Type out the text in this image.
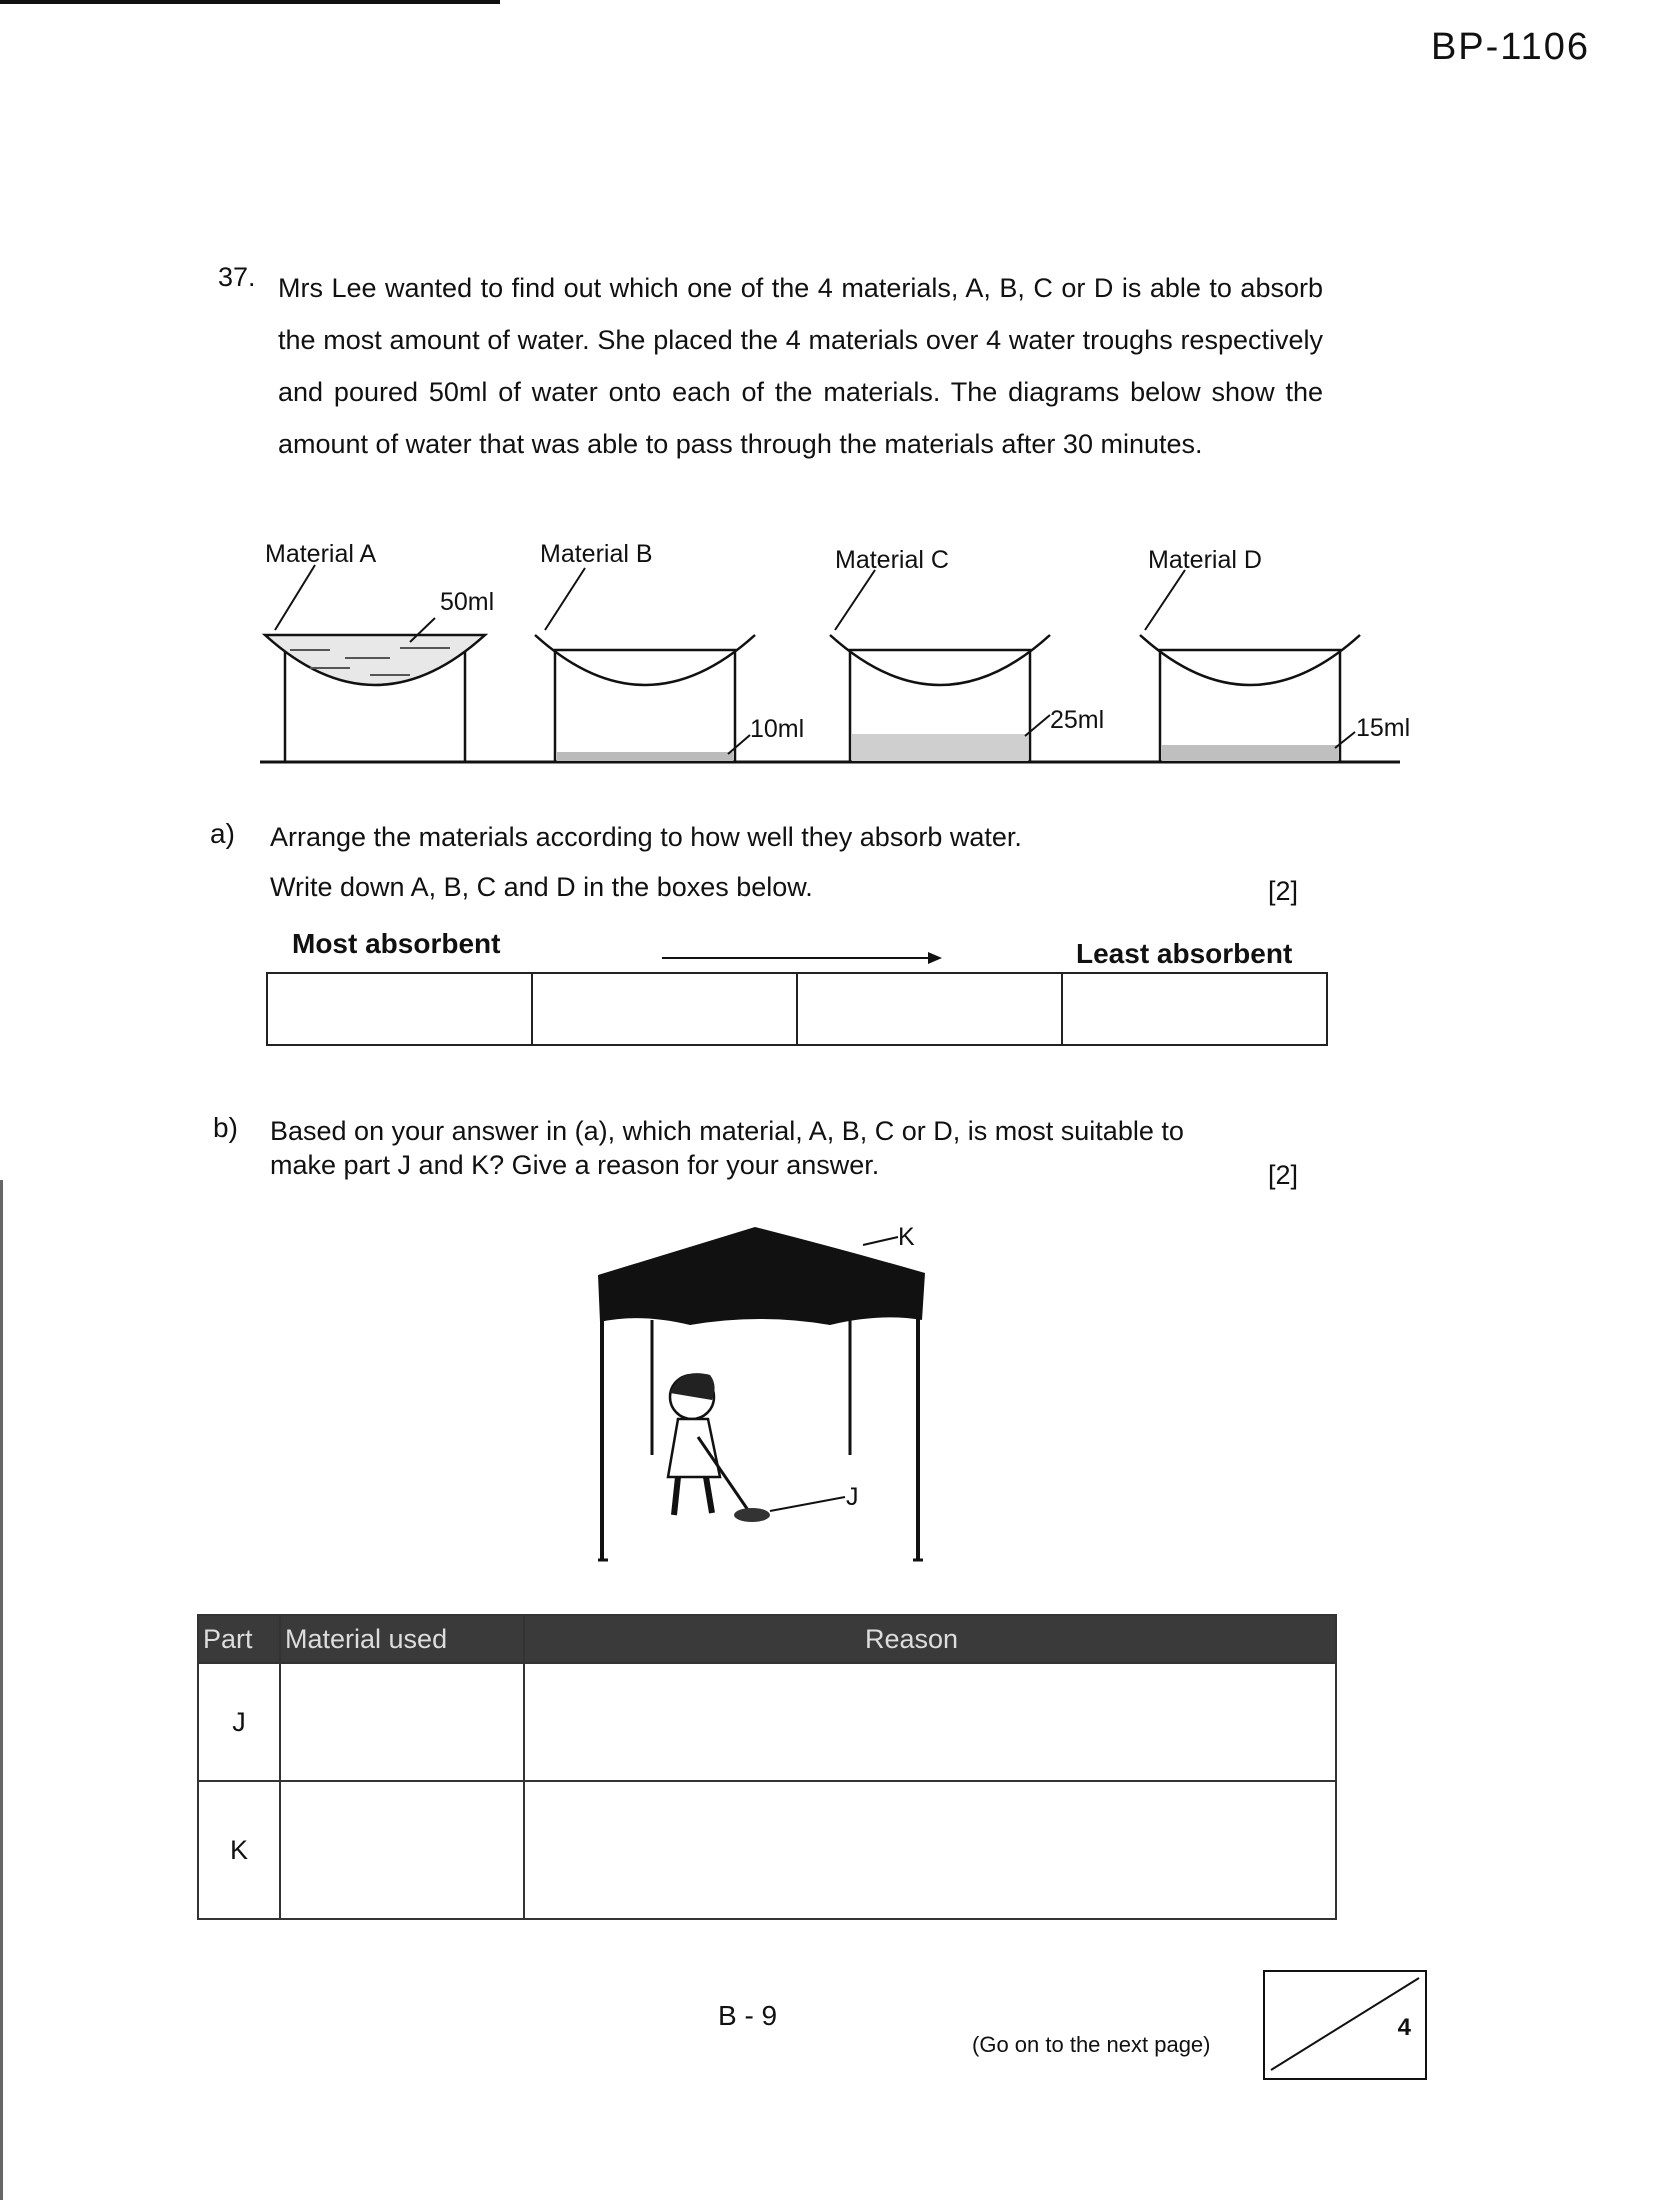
BP-1106
37. Mrs Lee wanted to find out which one of the 4 materials, A, B, C or D is able to absorb the most amount of water. She placed the 4 materials over 4 water troughs respectively and poured 50ml of water onto each of the materials. The diagrams below show the amount of water that was able to pass through the materials after 30 minutes.
Material A
50ml
Material B
10ml
Material C
25ml
Material D
15ml
a) Arrange the materials according to how well they absorb water.
Write down A, B, C and D in the boxes below.	[2]
Most absorbent	Least absorbent
b) Based on your answer in (a), which material, A, B, C or D, is most suitable to
make part J and K? Give a reason for your answer.	[2]
K
J
Part	Material used	Reason
J		
K		
B - 9
(Go on to the next page)
4
